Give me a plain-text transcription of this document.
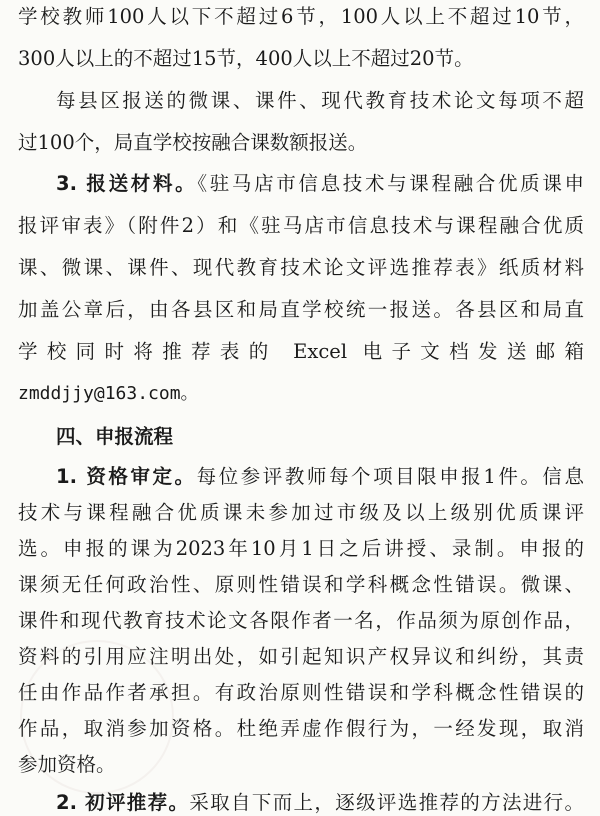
学校教师100人以下不超过6节，100人以上不超过10节，
300人以上的不超过15节，400人以上不超过20节。
每县区报送的微课、课件、现代教育技术论文每项不超
过100个，局直学校按融合课数额报送。
3. 报送材料。《驻马店市信息技术与课程融合优质课申
报评审表》（附件2）和《驻马店市信息技术与课程融合优质
课、微课、课件、现代教育技术论文评选推荐表》纸质材料
加盖公章后，由各县区和局直学校统一报送。各县区和局直
学校同时将推荐表的 Excel 电子文档发送邮箱
zmddjjy@163.com。
四、申报流程
1. 资格审定。每位参评教师每个项目限申报1件。信息
技术与课程融合优质课未参加过市级及以上级别优质课评
选。申报的课为2023年10月1日之后讲授、录制。申报的
课须无任何政治性、原则性错误和学科概念性错误。微课、
课件和现代教育技术论文各限作者一名，作品须为原创作品，
资料的引用应注明出处，如引起知识产权异议和纠纷，其责
任由作品作者承担。有政治原则性错误和学科概念性错误的
作品，取消参加资格。杜绝弄虚作假行为，一经发现，取消
参加资格。
2. 初评推荐。采取自下而上，逐级评选推荐的方法进行。
